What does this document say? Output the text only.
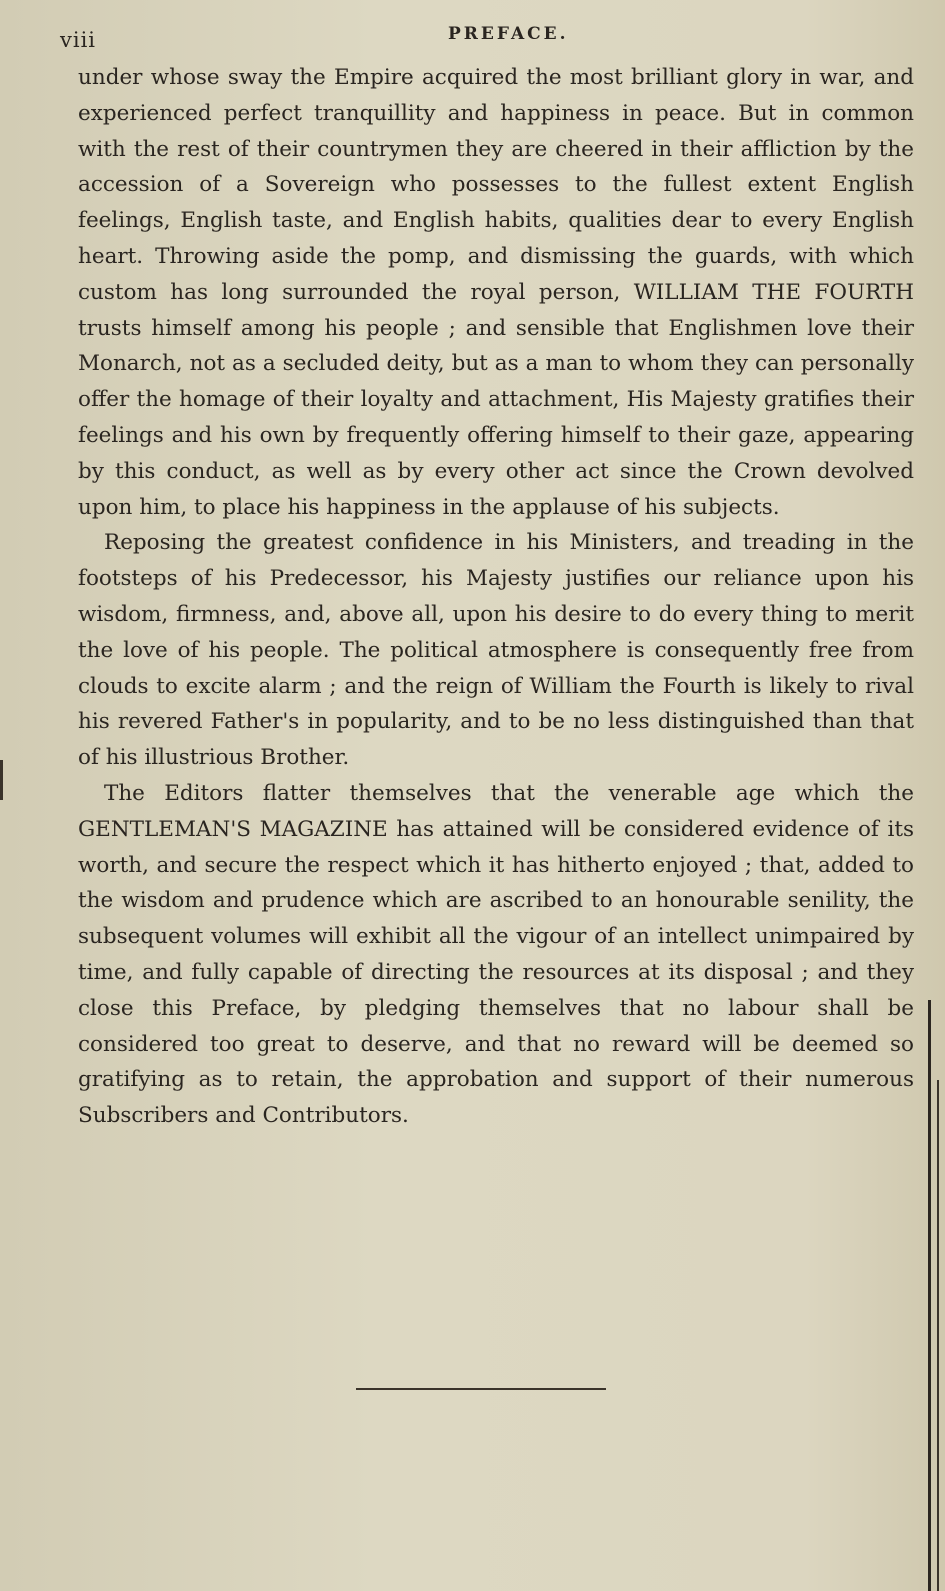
viii	PREFACE.

under whose sway the Empire acquired the most brilliant glory in war, and experienced perfect tranquillity and happiness in peace. But in common with the rest of their countrymen they are cheered in their affliction by the accession of a Sovereign who possesses to the fullest extent English feelings, English taste, and English habits, qualities dear to every English heart. Throwing aside the pomp, and dismissing the guards, with which custom has long surrounded the royal person, WILLIAM THE FOURTH trusts himself among his people ; and sensible that Englishmen love their Monarch, not as a secluded deity, but as a man to whom they can personally offer the homage of their loyalty and attachment, His Majesty gratifies their feelings and his own by frequently offering himself to their gaze, appearing by this conduct, as well as by every other act since the Crown devolved upon him, to place his happiness in the applause of his subjects.

Reposing the greatest confidence in his Ministers, and treading in the footsteps of his Predecessor, his Majesty justifies our reliance upon his wisdom, firmness, and, above all, upon his desire to do every thing to merit the love of his people. The political atmosphere is consequently free from clouds to excite alarm ; and the reign of William the Fourth is likely to rival his revered Father's in popularity, and to be no less distinguished than that of his illustrious Brother.

The Editors flatter themselves that the venerable age which the GENTLEMAN'S MAGAZINE has attained will be considered evidence of its worth, and secure the respect which it has hitherto enjoyed ; that, added to the wisdom and prudence which are ascribed to an honourable senility, the subsequent volumes will exhibit all the vigour of an intellect unimpaired by time, and fully capable of directing the resources at its disposal ; and they close this Preface, by pledging themselves that no labour shall be considered too great to deserve, and that no reward will be deemed so gratifying as to retain, the approbation and support of their numerous Subscribers and Contributors.
